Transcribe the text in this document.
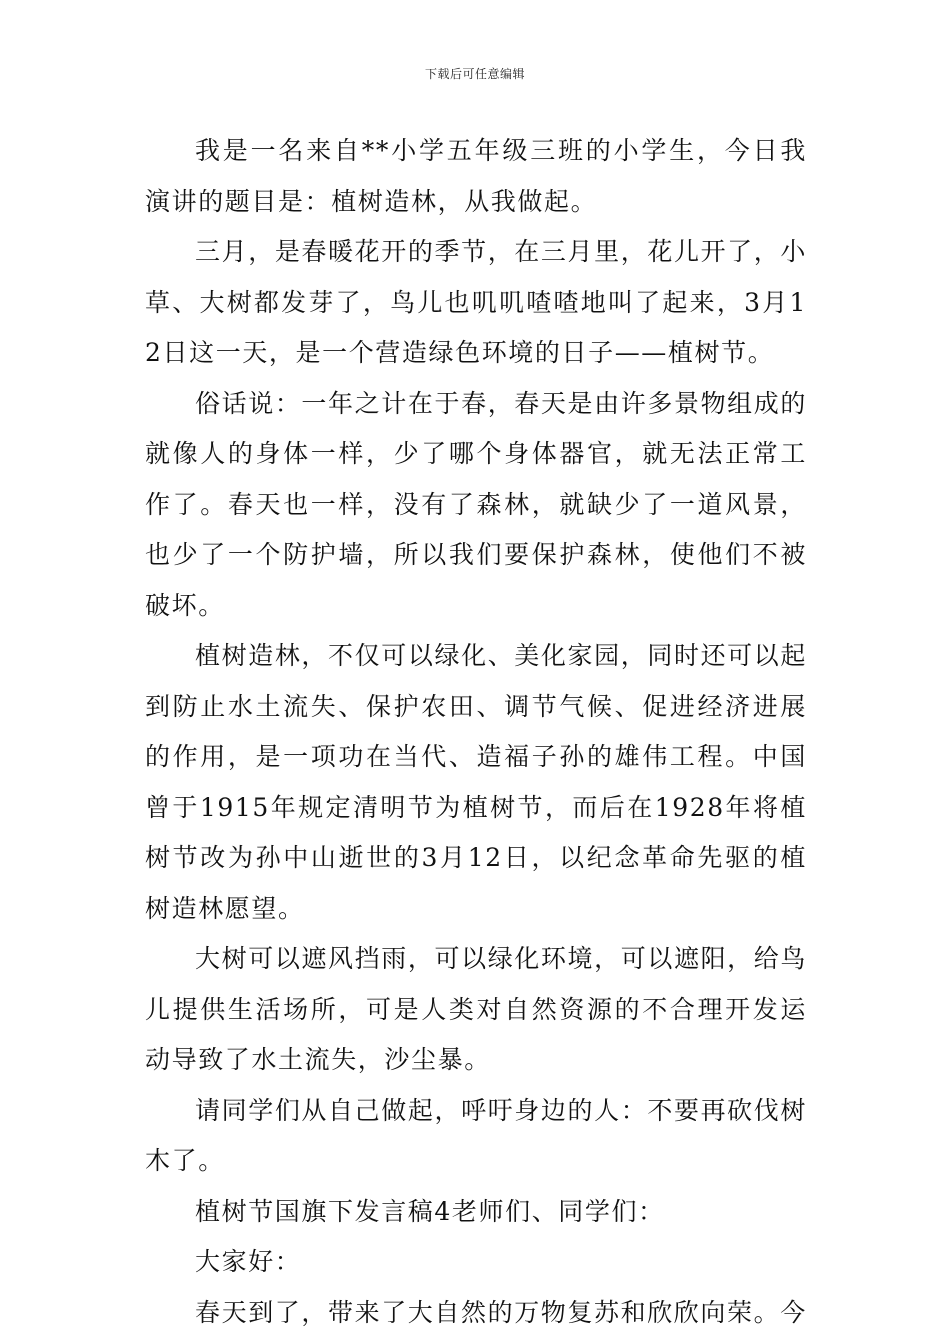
下载后可任意编辑

我是一名来自**小学五年级三班的小学生，今日我演讲的题目是：植树造林，从我做起。

三月，是春暖花开的季节，在三月里，花儿开了，小草、大树都发芽了，鸟儿也叽叽喳喳地叫了起来，3月12日这一天，是一个营造绿色环境的日子——植树节。

俗话说：一年之计在于春，春天是由许多景物组成的就像人的身体一样，少了哪个身体器官，就无法正常工作了。春天也一样，没有了森林，就缺少了一道风景，也少了一个防护墙，所以我们要保护森林，使他们不被破坏。

植树造林，不仅可以绿化、美化家园，同时还可以起到防止水土流失、保护农田、调节气候、促进经济进展的作用，是一项功在当代、造福子孙的雄伟工程。中国曾于1915年规定清明节为植树节，而后在1928年将植树节改为孙中山逝世的3月12日，以纪念革命先驱的植树造林愿望。

大树可以遮风挡雨，可以绿化环境，可以遮阳，给鸟儿提供生活场所，可是人类对自然资源的不合理开发运动导致了水土流失，沙尘暴。

请同学们从自己做起，呼吁身边的人：不要再砍伐树木了。

植树节国旗下发言稿4老师们、同学们：

大家好：

春天到了，带来了大自然的万物复苏和欣欣向荣。今
